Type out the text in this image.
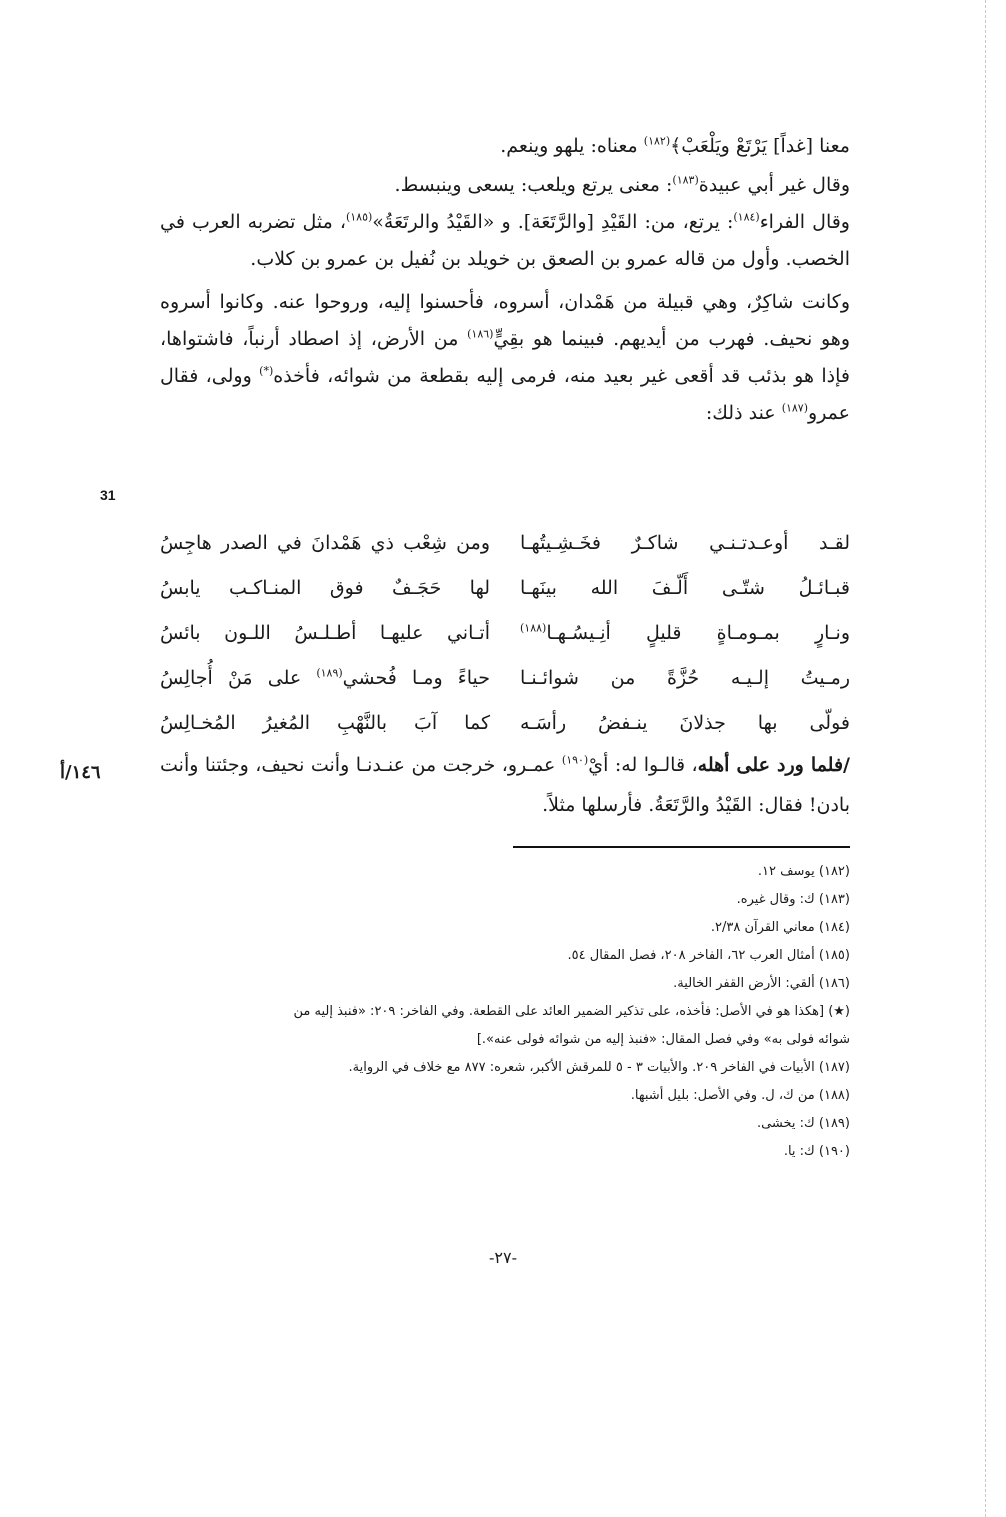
31
١٤٦/أ

معنا [غداً] يَرْتَعْ ويَلْعَبْ﴾$^{(١٨٢)}$ معناه: يلهو وينعم.

وقال غير أبي عبيدة$^{(١٨٣)}$: معنى يرتع ويلعب: يسعى وينبسط.

وقال الفراء$^{(١٨٤)}$: يرتع، من: القَيْدِ [والرَّتَعَة]. و «القَيْدُ والرتَعَةُ»$^{(١٨٥)}$، مثل تضربه العرب في الخصب. وأول من قاله عمرو بن الصعق بن خويلد بن نُفيل بن عمرو بن كلاب.

وكانت شاكِرٌ، وهي قبيلة من هَمْدان، أسروه، فأحسنوا إليه، وروحوا عنه. وكانوا أسروه وهو نحيف. فهرب من أيديهم. فبينما هو بقِيٍّ$^{(١٨٦)}$ من الأرض، إذ اصطاد أرنباً، فاشتواها، فإذا هو بذئب قد أقعى غير بعيد منه، فرمى إليه بقطعة من شوائه، فأخذه(*) وولى، فقال عمرو$^{(١٨٧)}$ عند ذلك:

لقـد أوعـدتـنـي شاكـرٌ فخَـشِـيتُهـا
ومن شِعْب ذي هَمْدانَ في الصدر هاجِسُ
قبـائـلُ شتّـى أَلّـفَ الله بينَهـا
لها حَجَـفٌ فوق المنـاكـب يابسُ
ونـارٍ بمـومـاةٍ قليلٍ أنِـيسُـهـا$^{(١٨٨)}$
أتـاني عليهـا أطـلـسُ اللـون بائسُ
رمـيتُ إلـيـه حُزَّةً من شوائـنـا
حياءً ومـا فُحشي$^{(١٨٩)}$ على مَنْ أُجالِسُ
فولّى بها جذلانَ ينـفضُ رأسَـه
كما آبَ بالنَّهْبِ المُغيرُ المُخـالِسُ

/فلما ورد على أهله، قالـوا له: أيْ$^{(١٩٠)}$ عمـرو، خرجت من عنـدنـا وأنت نحيف، وجئتنا وأنت بادن! فقال: القَيْدُ والرَّتَعَةُ. فأرسلها مثلاً.

(١٨٢) يوسف ١٢.

(١٨٣) ك: وقال غيره.

(١٨٤) معاني القرآن ٢/٣٨.

(١٨٥) أمثال العرب ٦٢، الفاخر ٢٠٨، فصل المقال ٥٤.

(١٨٦) ألقي: الأرض القفر الخالية.

(★) [هكذا هو في الأصل: فأخذه، على تذكير الضمير العائد على القطعة. وفي الفاخر: ٢٠٩: «فنبذ إليه من

شوائه فولى به» وفي فصل المقال: «فنبذ إليه من شوائه فولى عنه».]

(١٨٧) الأبيات في الفاخر ٢٠٩. والأبيات ٣ - ٥ للمرقش الأكبر، شعره: ٨٧٧ مع خلاف في الرواية.

(١٨٨) من ك، ل. وفي الأصل: بليل أشبها.

(١٨٩) ك: يخشى.

(١٩٠) ك: يا.

-٢٧-
